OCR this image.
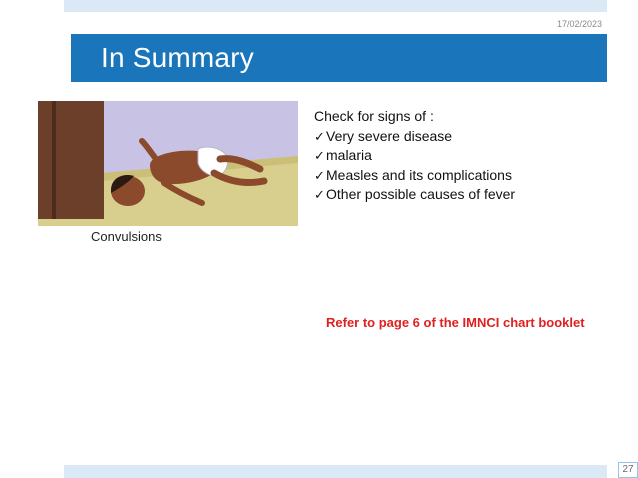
17/02/2023
In Summary
Convulsions
Check for signs of :
✓ Very severe disease
✓ malaria
✓ Measles and its complications
✓ Other possible causes of fever
Refer to page 6 of the IMNCI chart booklet
27
